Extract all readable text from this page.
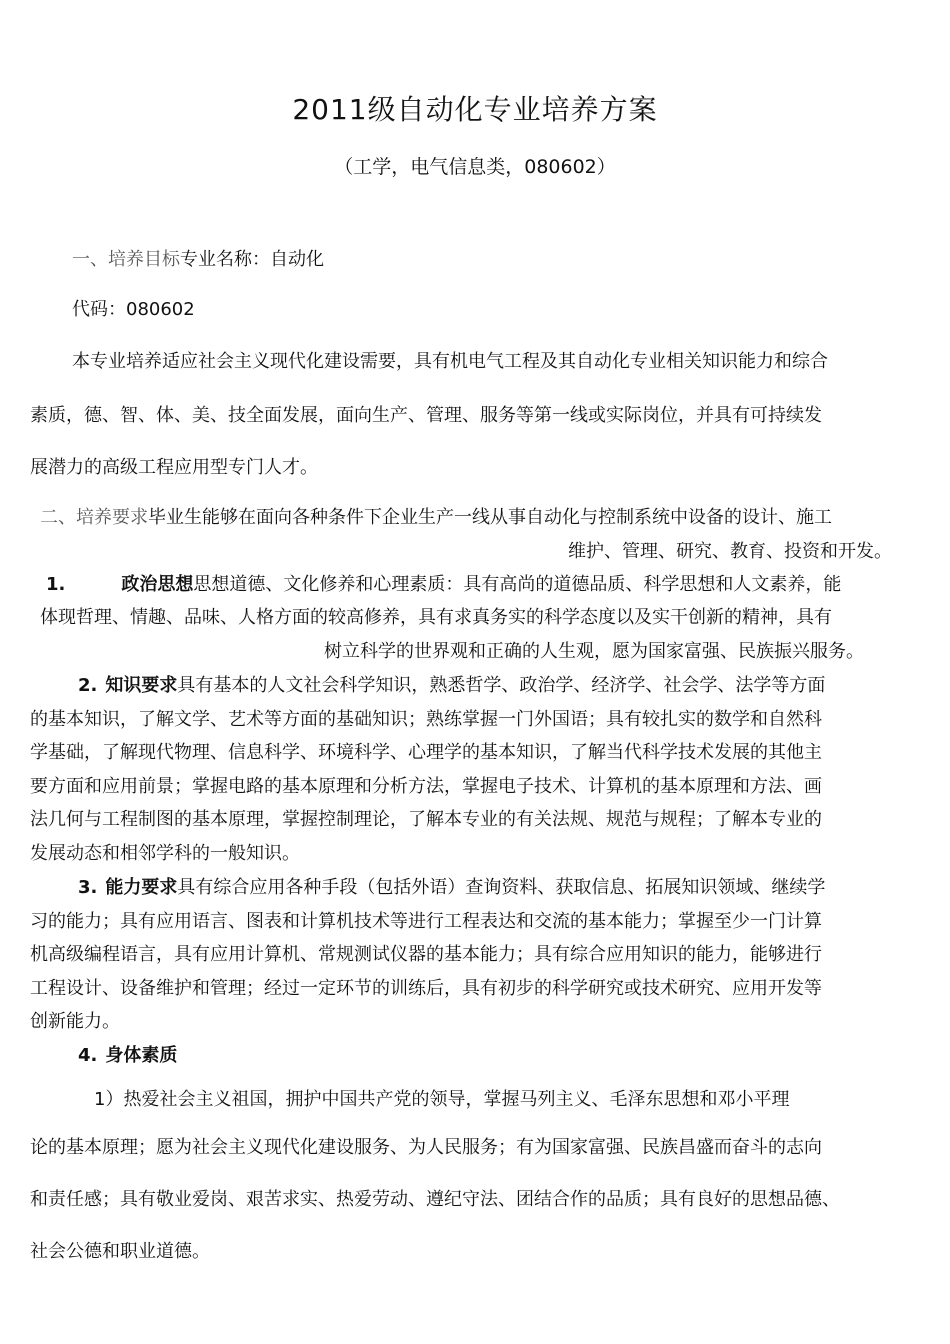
2011级自动化专业培养方案
（工学，电气信息类，080602）
一、培养目标专业名称：自动化
代码：080602
本专业培养适应社会主义现代化建设需要，具有机电气工程及其自动化专业相关知识能力和综合
素质，德、智、体、美、技全面发展，面向生产、管理、服务等第一线或实际岗位，并具有可持续发
展潜力的高级工程应用型专门人才。
二、培养要求毕业生能够在面向各种条件下企业生产一线从事自动化与控制系统中设备的设计、施工
维护、管理、研究、教育、投资和开发。
1.	政治思想思想道德、文化修养和心理素质：具有高尚的道德品质、科学思想和人文素养，能
体现哲理、情趣、品味、人格方面的较高修养，具有求真务实的科学态度以及实干创新的精神，具有
树立科学的世界观和正确的人生观，愿为国家富强、民族振兴服务。
2. 知识要求具有基本的人文社会科学知识，熟悉哲学、政治学、经济学、社会学、法学等方面
的基本知识，了解文学、艺术等方面的基础知识；熟练掌握一门外国语；具有较扎实的数学和自然科
学基础，了解现代物理、信息科学、环境科学、心理学的基本知识，了解当代科学技术发展的其他主
要方面和应用前景；掌握电路的基本原理和分析方法，掌握电子技术、计算机的基本原理和方法、画
法几何与工程制图的基本原理，掌握控制理论，了解本专业的有关法规、规范与规程；了解本专业的
发展动态和相邻学科的一般知识。
3. 能力要求具有综合应用各种手段（包括外语）查询资料、获取信息、拓展知识领域、继续学
习的能力；具有应用语言、图表和计算机技术等进行工程表达和交流的基本能力；掌握至少一门计算
机高级编程语言，具有应用计算机、常规测试仪器的基本能力；具有综合应用知识的能力，能够进行
工程设计、设备维护和管理；经过一定环节的训练后，具有初步的科学研究或技术研究、应用开发等
创新能力。
4. 身体素质
1）热爱社会主义祖国，拥护中国共产党的领导，掌握马列主义、毛泽东思想和邓小平理
论的基本原理；愿为社会主义现代化建设服务、为人民服务；有为国家富强、民族昌盛而奋斗的志向
和责任感；具有敬业爱岗、艰苦求实、热爱劳动、遵纪守法、团结合作的品质；具有良好的思想品德、
社会公德和职业道德。
